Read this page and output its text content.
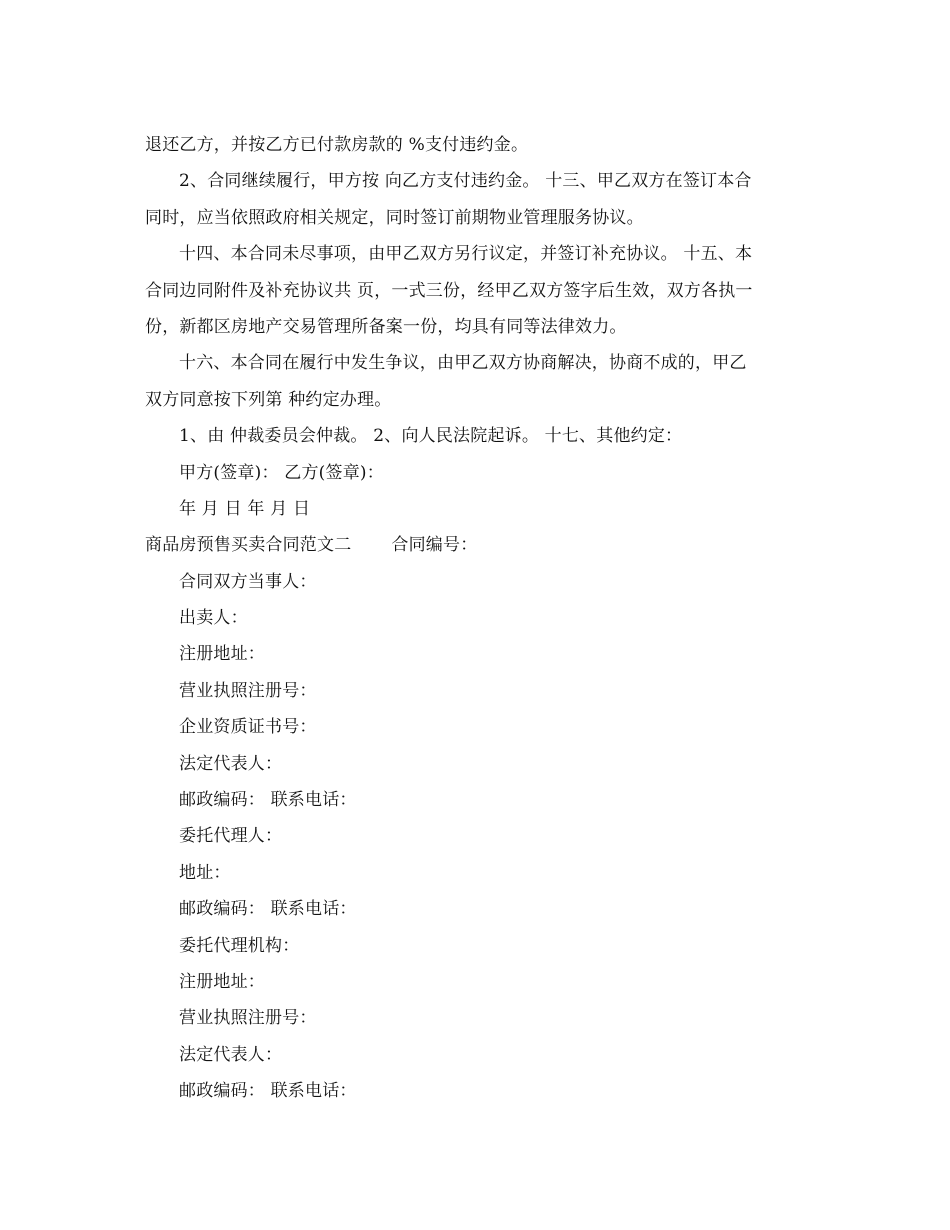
退还乙方，并按乙方已付款房款的 %支付违约金。
2、合同继续履行，甲方按 向乙方支付违约金。 十三、甲乙双方在签订本合
同时，应当依照政府相关规定，同时签订前期物业管理服务协议。
十四、本合同未尽事项，由甲乙双方另行议定，并签订补充协议。 十五、本
合同边同附件及补充协议共 页，一式三份，经甲乙双方签字后生效，双方各执一
份，新都区房地产交易管理所备案一份，均具有同等法律效力。
十六、本合同在履行中发生争议，由甲乙双方协商解决，协商不成的，甲乙
双方同意按下列第 种约定办理。
1、由 仲裁委员会仲裁。 2、向人民法院起诉。 十七、其他约定：
甲方(签章)： 乙方(签章)：
年 月 日 年 月 日
商品房预售买卖合同范文二 合同编号：
合同双方当事人：
出卖人：
注册地址：
营业执照注册号：
企业资质证书号：
法定代表人：
邮政编码： 联系电话：
委托代理人：
地址：
邮政编码： 联系电话：
委托代理机构：
注册地址：
营业执照注册号：
法定代表人：
邮政编码： 联系电话：
